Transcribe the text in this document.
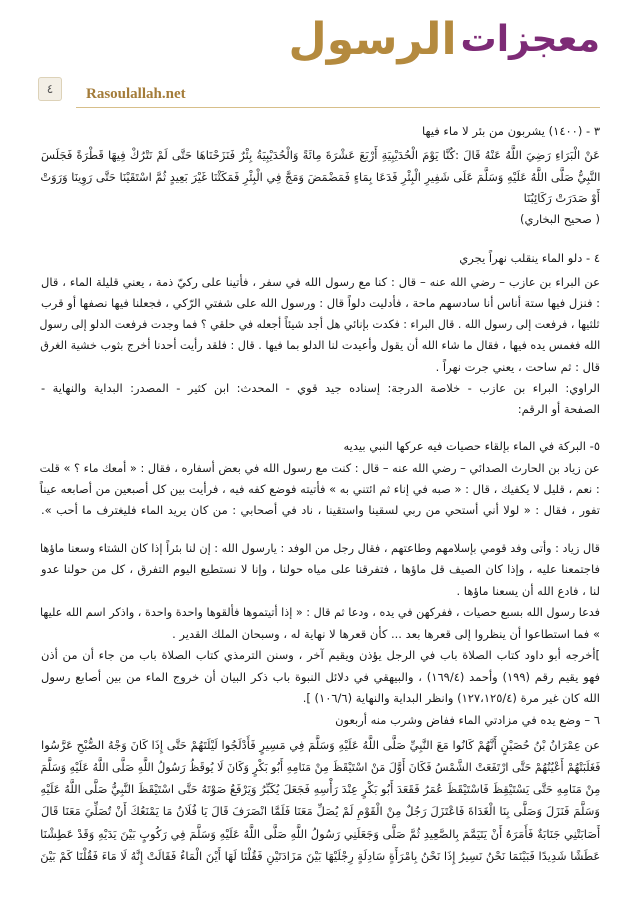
معجزات
الرسول
٤	Rasoulallah.net
٣ - (١٤٠٠) يشربون من بئر لا ماء فيها
عَنْ الْبَرَاءِ رَضِيَ اللَّهُ عَنْهُ قَالَ :كُنَّا يَوْمَ الْحُدَيْبِيَةِ أَرْبَعَ عَشْرَةَ مِائَةً وَالْحُدَيْبِيَةُ بِئْرٌ فَنَزَحْنَاهَا حَتَّى لَمْ نَتْرُكْ فِيهَا قَطْرَةً فَجَلَسَ
النَّبِيُّ صَلَّى اللَّهُ عَلَيْهِ وَسَلَّمَ عَلَى شَفِيرِ الْبِئْرِ فَدَعَا بِمَاءٍ فَمَضْمَضَ وَمَجَّ فِي الْبِئْرِ فَمَكَثْنَا غَيْرَ بَعِيدٍ ثُمَّ اسْتَقَيْنَا حَتَّى رَوِينَا وَرَوَتْ
أَوْ صَدَرَتْ رَكَائِبُنَا
( صحيح البخاري)
٤ - دلو الماء ينقلب نهراً يجري
عن البراء بن عازب – رضي الله عنه – قال : كنا مع رسول الله في سفر ، فأتينا على ركيّ ذمة ، يعني قليلة الماء ، قال
: فنزل فيها ستة أناس أنا سادسهم ماحة ، فأدليت دلواً قال : ورسول الله على شفتي الرّكي ، فجعلنا فيها نصفها أو قرب
ثلثيها ، فرفعت إلى رسول الله . قال البراء : فكدت بإنائي هل أجد شيئاً أجعله في حلقي ؟ فما وجدت فرفعت الدلو إلى رسول
الله فغمس يده فيها ، فقال ما شاء الله أن يقول وأعيدت لنا الدلو بما فيها . قال : فلقد رأيت أحدنا أخرج بثوب خشية الغرق
قال : ثم ساحت ، يعني جرت نهراً .
الراوي: البراء بن عازب - خلاصة الدرجة: إسناده جيد قوي - المحدث: ابن كثير - المصدر: البداية والنهاية -
الصفحة أو الرقم:
٥- البركة في الماء بإلقاء حصيات فيه عركها النبي بيديه
عن زياد بن الحارث الصدائي – رضي الله عنه – قال : كنت مع رسول الله في بعض أسفاره ، فقال : « أمعك ماء ؟ » قلت
: نعم ، قليل لا يكفيك ، قال : « صبه في إناء ثم ائتني به » فأتيته فوضع كفه فيه ، فرأيت بين كل أصبعين من أصابعه عيناً
تفور ، فقال : « لولا أني أستحي من ربي لسقينا واستقينا ، ناد في أصحابي : من كان يريد الماء فليغترف ما أحب ».
قال زياد : وأتى وفد قومي بإسلامهم وطاعتهم ، فقال رجل من الوفد : يارسول الله : إن لنا بئراً إذا كان الشتاء وسعنا ماؤها
فاجتمعنا عليه ، وإذا كان الصيف قل ماؤها ، فتفرقنا على مياه حولنا ، وإنا لا نستطيع اليوم التفرق ، كل من حولنا عدو
لنا ، فادع الله أن يسعنا ماؤها .
فدعا رسول الله بسبع حصيات ، ففركهن في يده ، ودعا ثم قال : « إذا أتيتموها فألقوها واحدة واحدة ، واذكر اسم الله عليها
» فما استطاعوا أن ينظروا إلى قعرها بعد ... كأن قعرها لا نهاية له ، وسبحان الملك القدير .
]أخرجه أبو داود كتاب الصلاة باب في الرجل يؤذن ويقيم آخر ، وسنن الترمذي كتاب الصلاة باب من جاء أن من أذن
فهو يقيم رقم (١٩٩) وأحمد (١٦٩/٤) ، والبيهقي في دلائل النبوة باب ذكر البيان أن خروج الماء من بين أصابع رسول
الله كان غير مرة (١٢٧،١٢٥/٤) وانظر البداية والنهاية (١٠٦/٦) ].
٦ – وضع يده في مزادتي الماء ففاض وشرب منه أربعون
عن عِمْرَانُ بْنُ حُصَيْنٍ أَنَّهُمْ كَانُوا مَعَ النَّبِيِّ صَلَّى اللَّهُ عَلَيْهِ وَسَلَّمَ فِي مَسِيرٍ فَأَدْلَجُوا لَيْلَتَهُمْ حَتَّى إِذَا كَانَ وَجْهُ الصُّبْحِ عَرَّسُوا
فَغَلَبَتْهُمْ أَعْيُنُهُمْ حَتَّى ارْتَفَعَتْ الشَّمْسُ فَكَانَ أَوَّلَ مَنْ اسْتَيْقَظَ مِنْ مَنَامِهِ أَبُو بَكْرٍ وَكَانَ لَا يُوقَظُ رَسُولُ اللَّهِ صَلَّى اللَّهُ عَلَيْهِ وَسَلَّمَ
مِنْ مَنَامِهِ حَتَّى يَسْتَيْقِظَ فَاسْتَيْقَظَ عُمَرُ فَقَعَدَ أَبُو بَكْرٍ عِنْدَ رَأْسِهِ فَجَعَلَ يُكَبِّرُ وَيَرْفَعُ صَوْتَهُ حَتَّى اسْتَيْقَظَ النَّبِيُّ صَلَّى اللَّهُ عَلَيْهِ
وَسَلَّمَ فَنَزَلَ وَصَلَّى بِنَا الْغَدَاةَ فَاعْتَزَلَ رَجُلٌ مِنْ الْقَوْمِ لَمْ يُصَلِّ مَعَنَا فَلَمَّا انْصَرَفَ قَالَ يَا فُلَانُ مَا يَمْنَعُكَ أَنْ تُصَلِّيَ مَعَنَا قَالَ
أَصَابَتْنِي جَنَابَةٌ فَأَمَرَهُ أَنْ يَتَيَمَّمَ بِالصَّعِيدِ ثُمَّ صَلَّى وَجَعَلَنِي رَسُولُ اللَّهِ صَلَّى اللَّهُ عَلَيْهِ وَسَلَّمَ فِي رَكُوبٍ بَيْنَ يَدَيْهِ وَقَدْ عَطِشْنَا
عَطَشًا شَدِيدًا فَبَيْنَمَا نَحْنُ نَسِيرُ إِذَا نَحْنُ بِامْرَأَةٍ سَادِلَةٍ رِجْلَيْهَا بَيْنَ مَزَادَتَيْنِ فَقُلْنَا لَهَا أَيْنَ الْمَاءُ فَقَالَتْ إِنَّهُ لَا مَاءَ فَقُلْنَا كَمْ بَيْنَ
